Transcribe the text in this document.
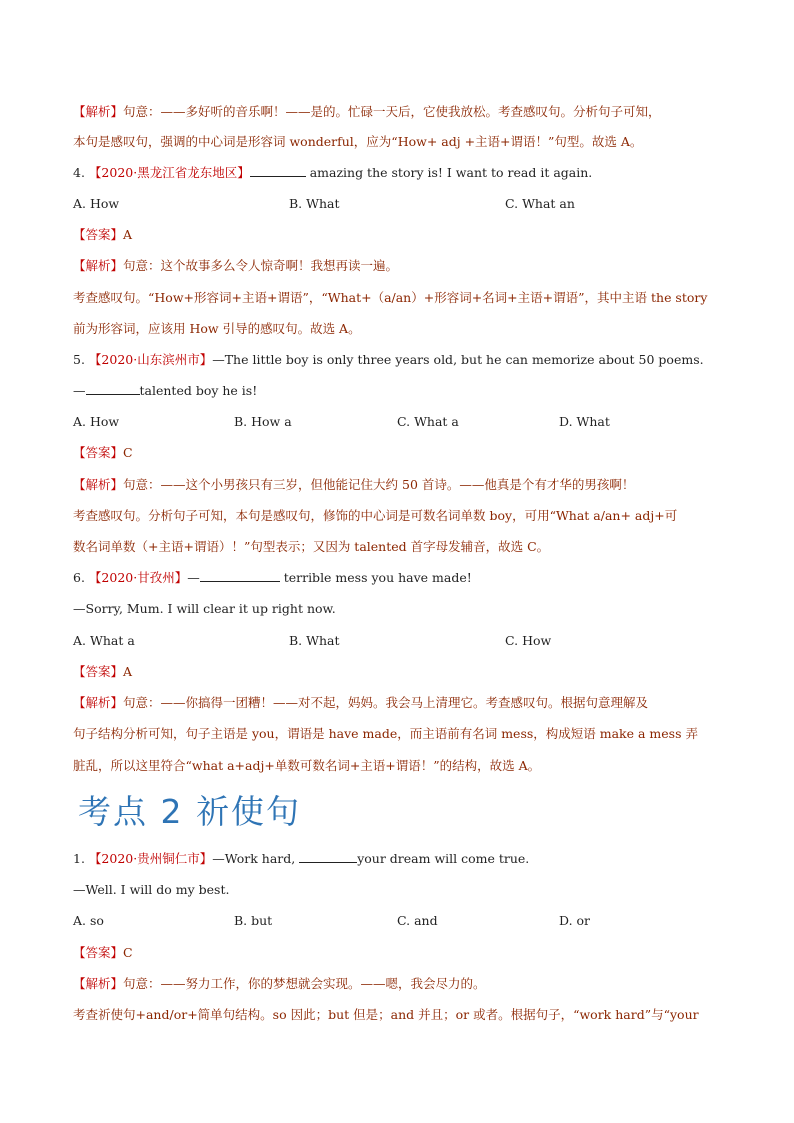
【解析】句意：——多好听的音乐啊！——是的。忙碌一天后，它使我放松。考查感叹句。分析句子可知，
本句是感叹句，强调的中心词是形容词 wonderful，应为“How+ adj +主语+谓语！”句型。故选 A。
4. 【2020·黑龙江省龙东地区】	amazing the story is! I want to read it again.
A. How	B. What	C. What an
【答案】A
【解析】句意：这个故事多么令人惊奇啊！我想再读一遍。
考查感叹句。“How+形容词+主语+谓语”，“What+（a/an）+形容词+名词+主语+谓语”，其中主语 the story
前为形容词，应该用 How 引导的感叹句。故选 A。
5. 【2020·山东滨州市】—The little boy is only three years old, but he can memorize about 50 poems.
—	talented boy he is!
A. How	B. How a	C. What a	D. What
【答案】C
【解析】句意：——这个小男孩只有三岁，但他能记住大约 50 首诗。——他真是个有才华的男孩啊！
考查感叹句。分析句子可知，本句是感叹句，修饰的中心词是可数名词单数 boy，可用“What a/an+ adj+可
数名词单数（+主语+谓语）！”句型表示；又因为 talented 首字母发辅音，故选 C。
6. 【2020·甘孜州】—	terrible mess you have made!
—Sorry, Mum. I will clear it up right now.
A. What a	B. What	C. How
【答案】A
【解析】句意：——你搞得一团糟！——对不起，妈妈。我会马上清理它。考查感叹句。根据句意理解及
句子结构分析可知，句子主语是 you，谓语是 have made，而主语前有名词 mess，构成短语 make a mess 弄
脏乱，所以这里符合“what a+adj+单数可数名词+主语+谓语！”的结构，故选 A。
考点 2 祈使句
1. 【2020·贵州铜仁市】—Work hard,	your dream will come true.
—Well. I will do my best.
A. so	B. but	C. and	D. or
【答案】C
【解析】句意：——努力工作，你的梦想就会实现。——嗯，我会尽力的。
考查祈使句+and/or+简单句结构。so 因此；but 但是；and 并且；or 或者。根据句子，“work hard”与“your
